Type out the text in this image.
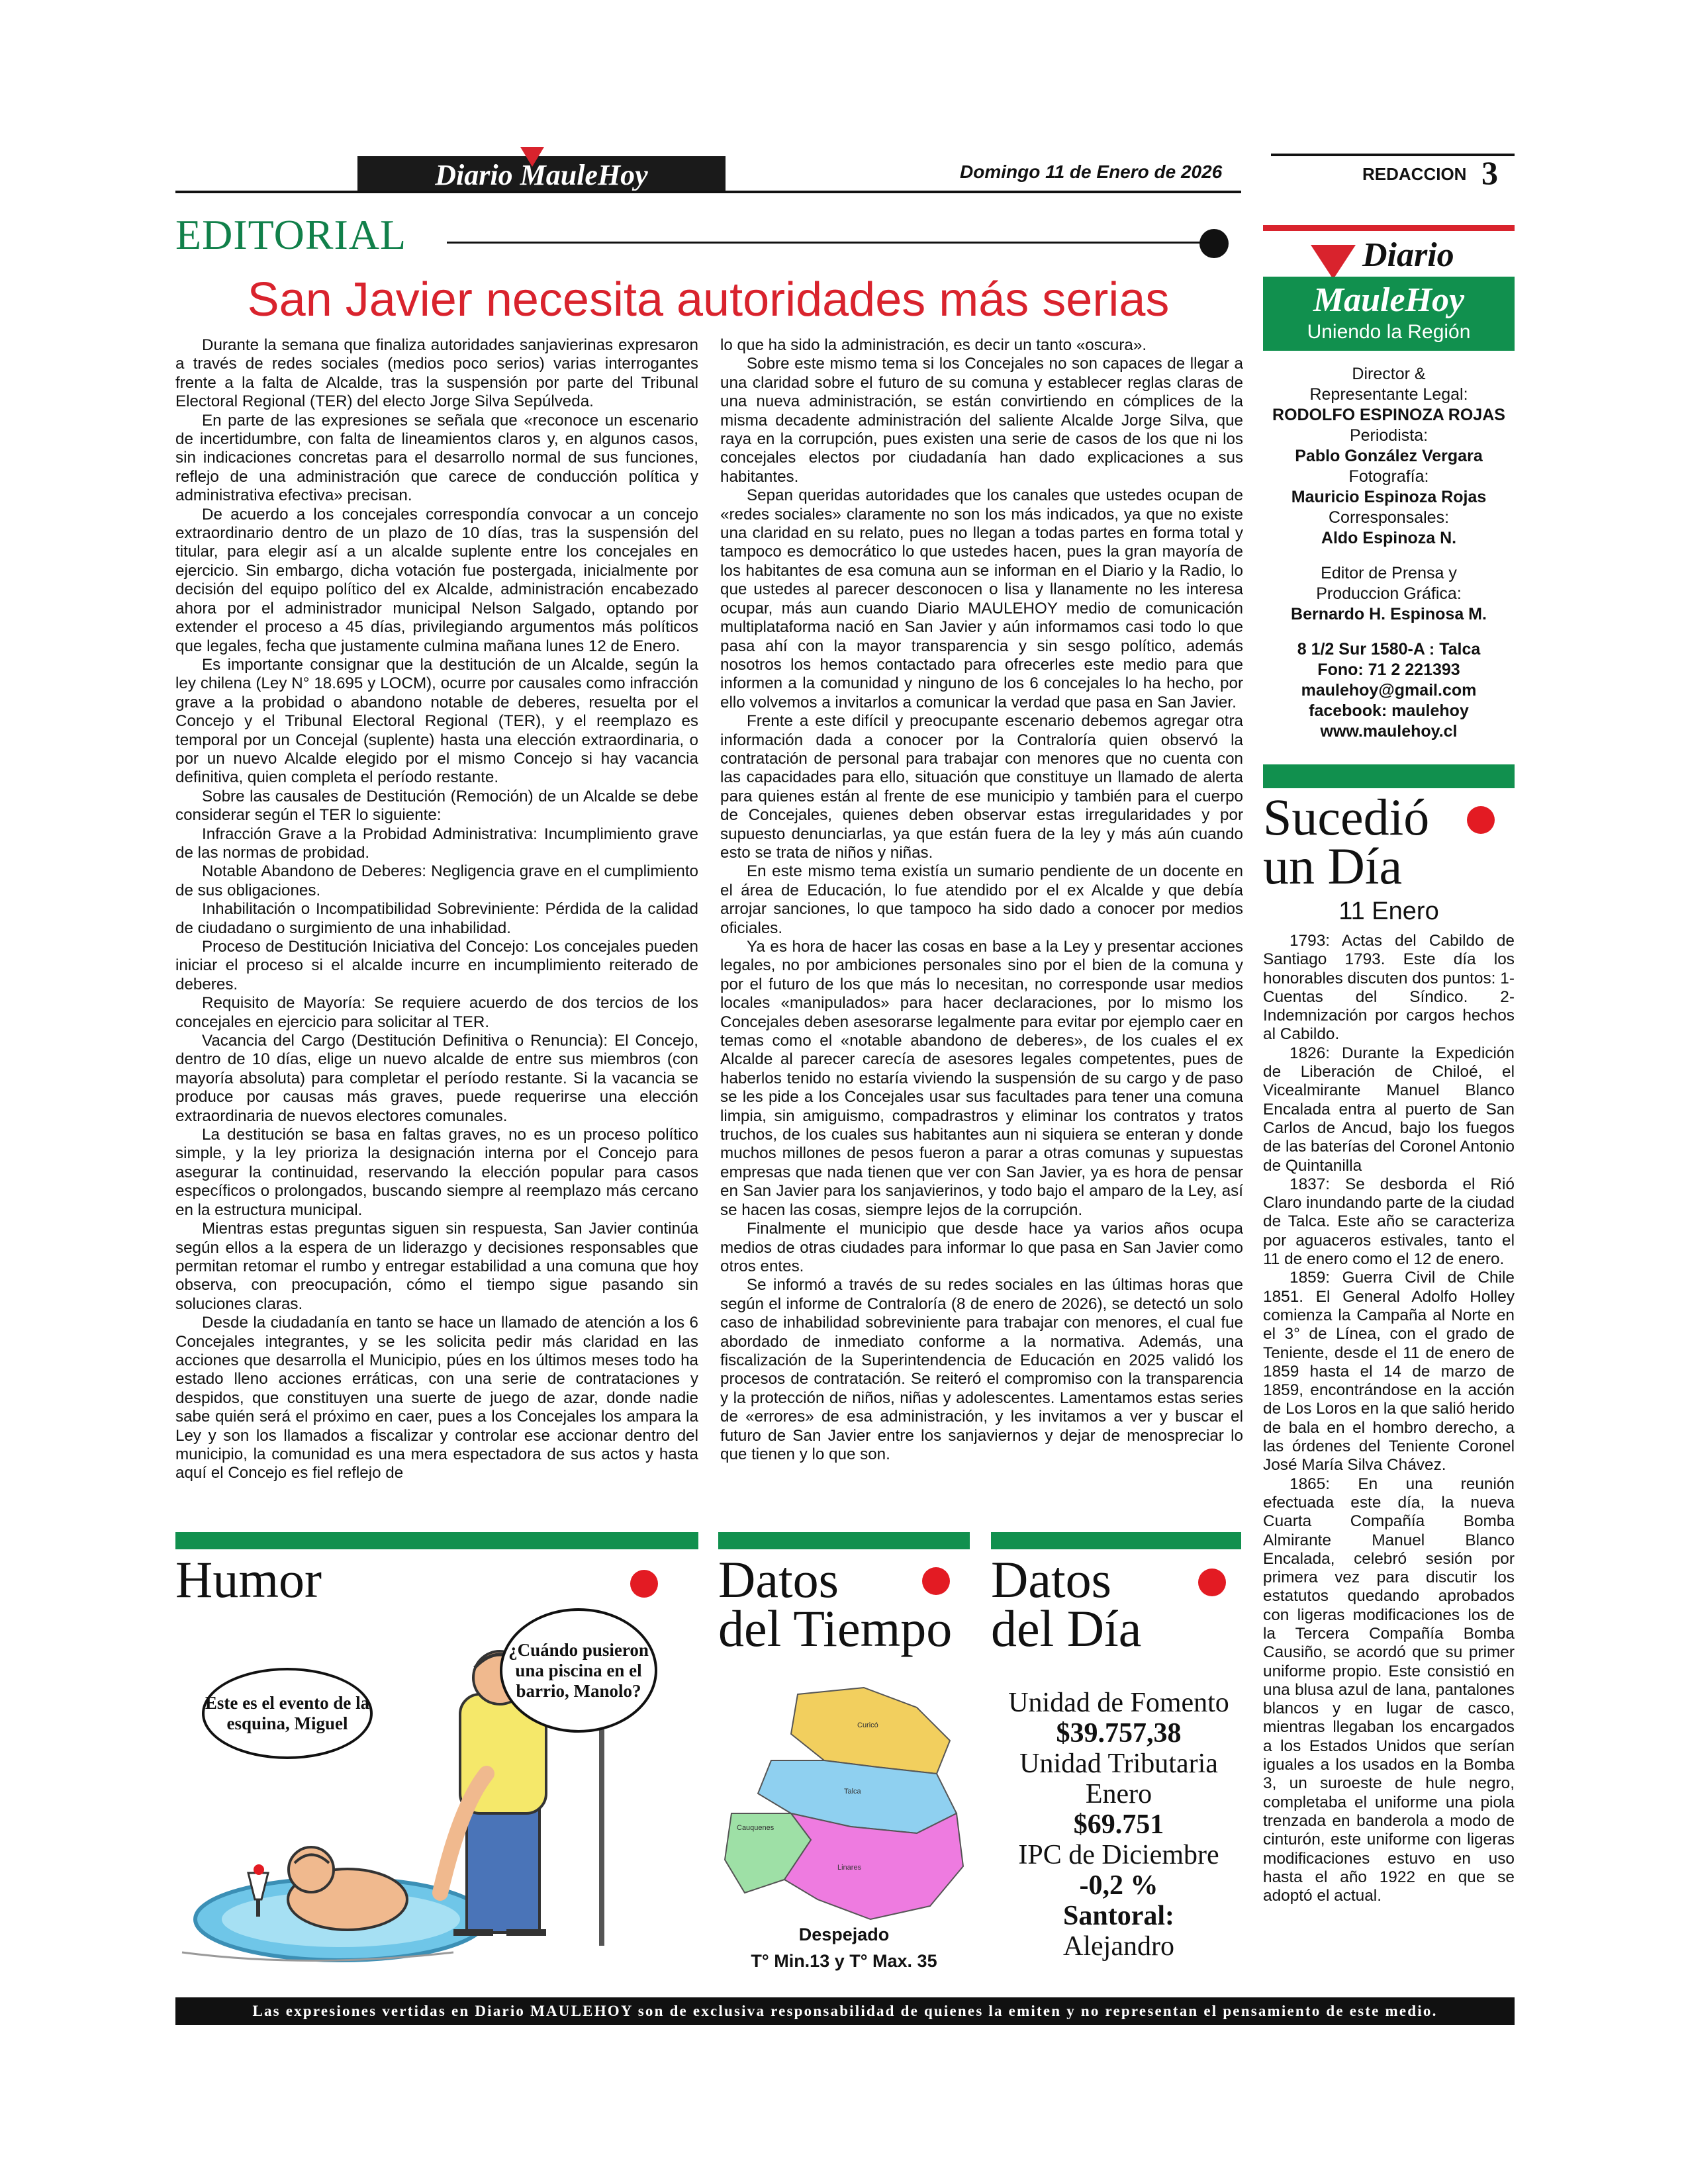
Diario MauleHoy	Domingo 11 de Enero de 2026	REDACCION 3
EDITORIAL
San Javier necesita autoridades más serias

Durante la semana que finaliza autoridades sanjavierinas expresaron a través de redes sociales (medios poco serios) varias interrogantes frente a la falta de Alcalde, tras la suspensión por parte del Tribunal Electoral Regional (TER) del electo Jorge Silva Sepúlveda.

En parte de las expresiones se señala que «reconoce un escenario de incertidumbre, con falta de lineamientos claros y, en algunos casos, sin indicaciones concretas para el desarrollo normal de sus funciones, reflejo de una administración que carece de conducción política y administrativa efectiva» precisan.

De acuerdo a los concejales correspondía convocar a un concejo extraordinario dentro de un plazo de 10 días, tras la suspensión del titular, para elegir así a un alcalde suplente entre los concejales en ejercicio. Sin embargo, dicha votación fue postergada, inicialmente por decisión del equipo político del ex Alcalde, administración encabezado ahora por el administrador municipal Nelson Salgado, optando por extender el proceso a 45 días, privilegiando argumentos más políticos que legales, fecha que justamente culmina mañana lunes 12 de Enero.

Es importante consignar que la destitución de un Alcalde, según la ley chilena (Ley N° 18.695 y LOCM), ocurre por causales como infracción grave a la probidad o abandono notable de deberes, resuelta por el Concejo y el Tribunal Electoral Regional (TER), y el reemplazo es temporal por un Concejal (suplente) hasta una elección extraordinaria, o por un nuevo Alcalde elegido por el mismo Concejo si hay vacancia definitiva, quien completa el período restante.

Sobre las causales de Destitución (Remoción) de un Alcalde se debe considerar según el TER lo siguiente:

Infracción Grave a la Probidad Administrativa: Incumplimiento grave de las normas de probidad.

Notable Abandono de Deberes: Negligencia grave en el cumplimiento de sus obligaciones.

Inhabilitación o Incompatibilidad Sobreviniente: Pérdida de la calidad de ciudadano o surgimiento de una inhabilidad.

Proceso de Destitución Iniciativa del Concejo: Los concejales pueden iniciar el proceso si el alcalde incurre en incumplimiento reiterado de deberes.

Requisito de Mayoría: Se requiere acuerdo de dos tercios de los concejales en ejercicio para solicitar al TER.

Vacancia del Cargo (Destitución Definitiva o Renuncia): El Concejo, dentro de 10 días, elige un nuevo alcalde de entre sus miembros (con mayoría absoluta) para completar el período restante. Si la vacancia se produce por causas más graves, puede requerirse una elección extraordinaria de nuevos electores comunales.

La destitución se basa en faltas graves, no es un proceso político simple, y la ley prioriza la designación interna por el Concejo para asegurar la continuidad, reservando la elección popular para casos específicos o prolongados, buscando siempre al reemplazo más cercano en la estructura municipal.

Mientras estas preguntas siguen sin respuesta, San Javier continúa según ellos a la espera de un liderazgo y decisiones responsables que permitan retomar el rumbo y entregar estabilidad a una comuna que hoy observa, con preocupación, cómo el tiempo sigue pasando sin soluciones claras.

Desde la ciudadanía en tanto se hace un llamado de atención a los 6 Concejales integrantes, y se les solicita pedir más claridad en las acciones que desarrolla el Municipio, púes en los últimos meses todo ha estado lleno acciones erráticas, con una serie de contrataciones y despidos, que constituyen una suerte de juego de azar, donde nadie sabe quién será el próximo en caer, pues a los Concejales los ampara la Ley y son los llamados a fiscalizar y controlar ese accionar dentro del municipio, la comunidad es una mera espectadora de sus actos y hasta aquí el Concejo es fiel reflejo de

lo que ha sido la administración, es decir un tanto «oscura».

Sobre este mismo tema si los Concejales no son capaces de llegar a una claridad sobre el futuro de su comuna y establecer reglas claras de una nueva administración, se están convirtiendo en cómplices de la misma decadente administración del saliente Alcalde Jorge Silva, que raya en la corrupción, pues existen una serie de casos de los que ni los concejales electos por ciudadanía han dado explicaciones a sus habitantes.

Sepan queridas autoridades que los canales que ustedes ocupan de «redes sociales» claramente no son los más indicados, ya que no existe una claridad en su relato, pues no llegan a todas partes en forma total y tampoco es democrático lo que ustedes hacen, pues la gran mayoría de los habitantes de esa comuna aun se informan en el Diario y la Radio, lo que ustedes al parecer desconocen o lisa y llanamente no les interesa ocupar, más aun cuando Diario MAULEHOY medio de comunicación multiplataforma nació en San Javier y aún informamos casi todo lo que pasa ahí con la mayor transparencia y sin sesgo político, además nosotros los hemos contactado para ofrecerles este medio para que informen a la comunidad y ninguno de los 6 concejales lo ha hecho, por ello volvemos a invitarlos a comunicar la verdad que pasa en San Javier.

Frente a este difícil y preocupante escenario debemos agregar otra información dada a conocer por la Contraloría quien observó la contratación de personal para trabajar con menores que no cuenta con las capacidades para ello, situación que constituye un llamado de alerta para quienes están al frente de ese municipio y también para el cuerpo de Concejales, quienes deben observar estas irregularidades y por supuesto denunciarlas, ya que están fuera de la ley y más aún cuando esto se trata de niños y niñas.

En este mismo tema existía un sumario pendiente de un docente en el área de Educación, lo fue atendido por el ex Alcalde y que debía arrojar sanciones, lo que tampoco ha sido dado a conocer por medios oficiales.

Ya es hora de hacer las cosas en base a la Ley y presentar acciones legales, no por ambiciones personales sino por el bien de la comuna y por el futuro de los que más lo necesitan, no corresponde usar medios locales «manipulados» para hacer declaraciones, por lo mismo los Concejales deben asesorarse legalmente para evitar por ejemplo caer en temas como el «notable abandono de deberes», de los cuales el ex Alcalde al parecer carecía de asesores legales competentes, pues de haberlos tenido no estaría viviendo la suspensión de su cargo y de paso se les pide a los Concejales usar sus facultades para tener una comuna limpia, sin amiguismo, compadrastros y eliminar los contratos y tratos truchos, de los cuales sus habitantes aun ni siquiera se enteran y donde muchos millones de pesos fueron a parar a otras comunas y supuestas empresas que nada tienen que ver con San Javier, ya es hora de pensar en San Javier para los sanjavierinos, y todo bajo el amparo de la Ley, así se hacen las cosas, siempre lejos de la corrupción.

Finalmente el municipio que desde hace ya varios años ocupa medios de otras ciudades para informar lo que pasa en San Javier como otros entes.

Se informó a través de su redes sociales en las últimas horas que según el informe de Contraloría (8 de enero de 2026), se detectó un solo caso de inhabilidad sobreviniente para trabajar con menores, el cual fue abordado de inmediato conforme a la normativa. Además, una fiscalización de la Superintendencia de Educación en 2025 validó los procesos de contratación. Se reiteró el compromiso con la transparencia y la protección de niños, niñas y adolescentes. Lamentamos estas series de «errores» de esa administración, y les invitamos a ver y buscar el futuro de San Javier entre los sanjaviernos y dejar de menospreciar lo que tienen y lo que son.

Diario
MauleHoy
Uniendo la Región
Director &
Representante Legal:
RODOLFO ESPINOZA ROJAS
Periodista:
Pablo González Vergara
Fotografía:
Mauricio Espinoza Rojas
Corresponsales:
Aldo Espinoza N.
Editor de Prensa y
Produccion Gráfica:
Bernardo H. Espinosa M.
8 1/2 Sur 1580-A : Talca
Fono: 71 2 221393
maulehoy@gmail.com
facebook: maulehoy
www.maulehoy.cl
Sucedió
un Día
11 Enero

1793: Actas del Cabildo de Santiago 1793. Este día los honorables discuten dos puntos: 1- Cuentas del Síndico. 2- Indemnización por cargos hechos al Cabildo.

1826: Durante la Expedición de Liberación de Chiloé, el Vicealmirante Manuel Blanco Encalada entra al puerto de San Carlos de Ancud, bajo los fuegos de las baterías del Coronel Antonio de Quintanilla

1837: Se desborda el Rió Claro inundando parte de la ciudad de Talca. Este año se caracteriza por aguaceros estivales, tanto el 11 de enero como el 12 de enero.

1859: Guerra Civil de Chile 1851. El General Adolfo Holley comienza la Campaña al Norte en el 3° de Línea, con el grado de Teniente, desde el 11 de enero de 1859 hasta el 14 de marzo de 1859, encontrándose en la acción de Los Loros en la que salió herido de bala en el hombro derecho, a las órdenes del Teniente Coronel José María Silva Chávez.

1865: En una reunión efectuada este día, la nueva Cuarta Compañía Bomba Almirante Manuel Blanco Encalada, celebró sesión por primera vez para discutir los estatutos quedando aprobados con ligeras modificaciones los de la Tercera Compañía Bomba Causiño, se acordó que su primer uniforme propio. Este consistió en una blusa azul de lana, pantalones blancos y en lugar de casco, mientras llegaban los encargados a los Estados Unidos que serían iguales a los usados en la Bomba 3, un suroeste de hule negro, completaba el uniforme una piola trenzada en banderola a modo de cinturón, este uniforme con ligeras modificaciones estuvo en uso hasta el año 1922 en que se adoptó el actual.

Humor
Este es el evento de la esquina, Miguel
¿Cuándo pusieron una piscina en el barrio, Manolo?
Datos
del Tiempo
Curicó
Talca
Cauquenes
Linares
Despejado
T° Min.13 y T° Max. 35
Datos
del Día
Unidad de Fomento
$39.757,38
Unidad Tributaria
Enero
$69.751
IPC de Diciembre
-0,2 %
Santoral:
Alejandro
Las expresiones vertidas en Diario MAULEHOY son de exclusiva responsabilidad de quienes la emiten y no representan el pensamiento de este medio.
